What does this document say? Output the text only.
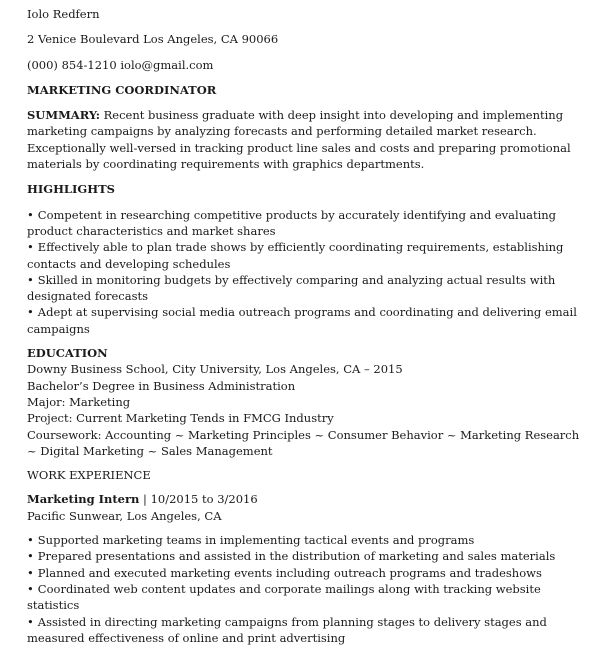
Iolo Redfern
2 Venice Boulevard Los Angeles, CA 90066
(000) 854-1210 iolo@gmail.com
MARKETING COORDINATOR
SUMMARY: Recent business graduate with deep insight into developing and implementing marketing campaigns by analyzing forecasts and performing detailed market research. Exceptionally well-versed in tracking product line sales and costs and preparing promotional materials by coordinating requirements with graphics departments.
HIGHLIGHTS
• Competent in researching competitive products by accurately identifying and evaluating product characteristics and market shares
• Effectively able to plan trade shows by efficiently coordinating requirements, establishing contacts and developing schedules
• Skilled in monitoring budgets by effectively comparing and analyzing actual results with designated forecasts
• Adept at supervising social media outreach programs and coordinating and delivering email campaigns
EDUCATION
Downy Business School, City University, Los Angeles, CA – 2015
Bachelor’s Degree in Business Administration
Major: Marketing
Project: Current Marketing Tends in FMCG Industry
Coursework: Accounting ~ Marketing Principles ~ Consumer Behavior ~ Marketing Research ~ Digital Marketing ~ Sales Management
WORK EXPERIENCE
Marketing Intern | 10/2015 to 3/2016
Pacific Sunwear, Los Angeles, CA
• Supported marketing teams in implementing tactical events and programs
• Prepared presentations and assisted in the distribution of marketing and sales materials
• Planned and executed marketing events including outreach programs and tradeshows
• Coordinated web content updates and corporate mailings along with tracking website statistics
• Assisted in directing marketing campaigns from planning stages to delivery stages and measured effectiveness of online and print advertising
